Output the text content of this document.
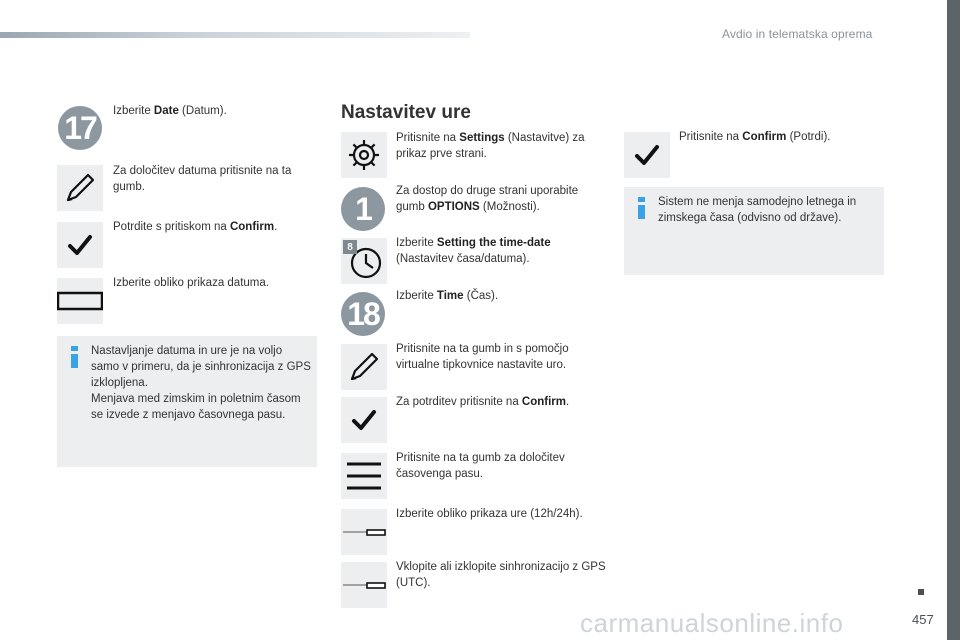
Avdio in telematska oprema
457
17	Izberite Date (Datum).
Za določitev datuma pritisnite na ta gumb.
Potrdite s pritiskom na Confirm.
Izberite obliko prikaza datuma.
Nastavljanje datuma in ure je na voljo samo v primeru, da je sinhronizacija z GPS izklopljena.
Menjava med zimskim in poletnim časom se izvede z menjavo časovnega pasu.
Nastavitev ure
Pritisnite na Settings (Nastavitve) za prikaz prve strani.
1	Za dostop do druge strani uporabite gumb OPTIONS (Možnosti).
8	Izberite Setting the time-date (Nastavitev časa/datuma).
18	Izberite Time (Čas).
Pritisnite na ta gumb in s pomočjo virtualne tipkovnice nastavite uro.
Za potrditev pritisnite na Confirm.
Pritisnite na ta gumb za določitev časovenga pasu.
Izberite obliko prikaza ure (12h/24h).
Vklopite ali izklopite sinhronizacijo z GPS (UTC).
Pritisnite na Confirm (Potrdi).
Sistem ne menja samodejno letnega in zimskega časa (odvisno od države).
carmanualsonline.info
